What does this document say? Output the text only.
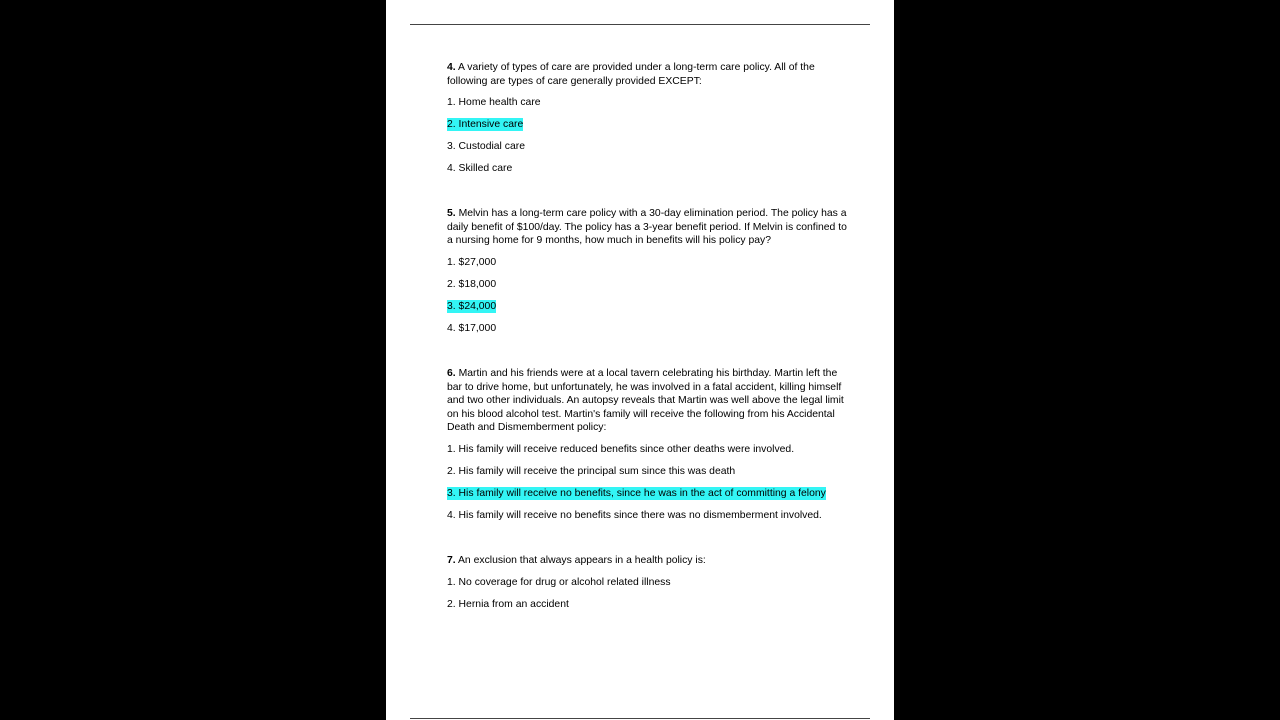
4. A variety of types of care are provided under a long-term care policy. All of the following are types of care generally provided EXCEPT:
1. Home health care
2. Intensive care
3. Custodial care
4. Skilled care
5. Melvin has a long-term care policy with a 30-day elimination period. The policy has a daily benefit of $100/day. The policy has a 3-year benefit period. If Melvin is confined to a nursing home for 9 months, how much in benefits will his policy pay?
1. $27,000
2. $18,000
3. $24,000
4. $17,000
6. Martin and his friends were at a local tavern celebrating his birthday. Martin left the bar to drive home, but unfortunately, he was involved in a fatal accident, killing himself and two other individuals. An autopsy reveals that Martin was well above the legal limit on his blood alcohol test. Martin's family will receive the following from his Accidental Death and Dismemberment policy:
1. His family will receive reduced benefits since other deaths were involved.
2. His family will receive the principal sum since this was death
3. His family will receive no benefits, since he was in the act of committing a felony
4. His family will receive no benefits since there was no dismemberment involved.
7. An exclusion that always appears in a health policy is:
1. No coverage for drug or alcohol related illness
2. Hernia from an accident
